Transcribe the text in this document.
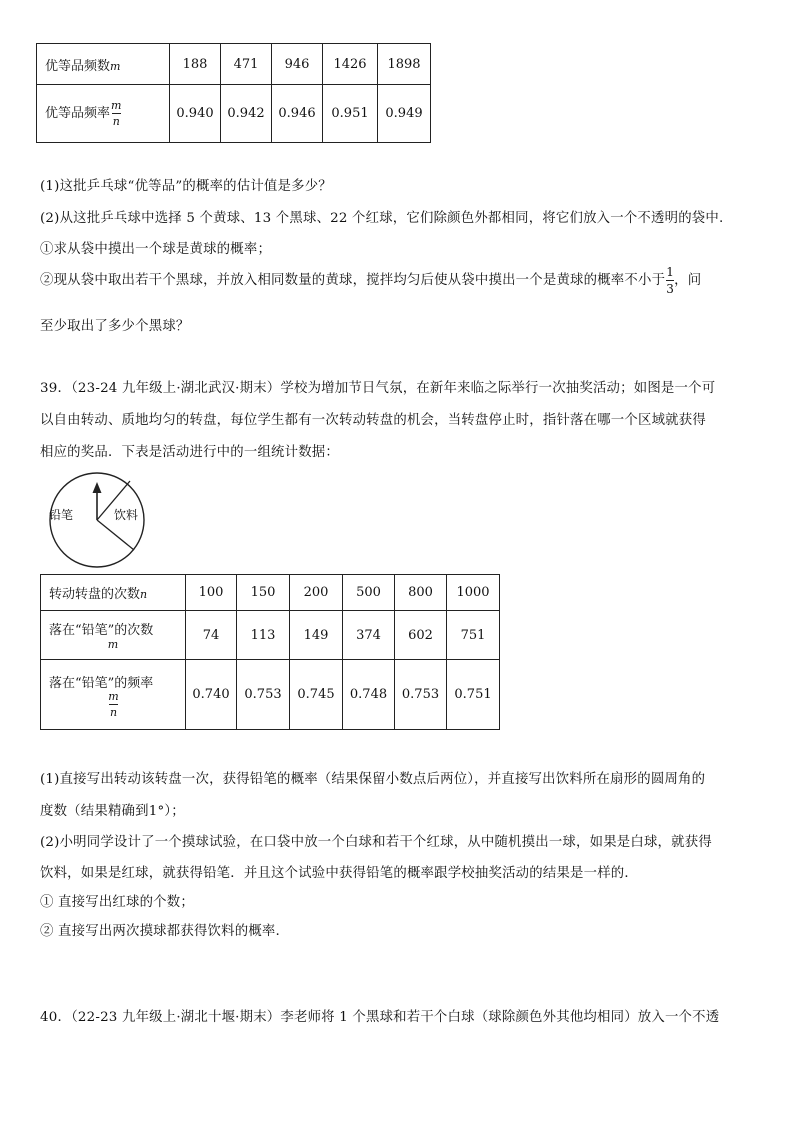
优等品频数m	188	471	946	1426	1898
优等品频率 $\frac{m}{n}$	0.940	0.942	0.946	0.951	0.949
(1)这批乒乓球“优等品”的概率的估计值是多少？
(2)从这批乒乓球中选择 5 个黄球、13 个黑球、22 个红球，它们除颜色外都相同，将它们放入一个不透明的袋中.
①求从袋中摸出一个球是黄球的概率；
②现从袋中取出若干个黑球，并放入相同数量的黄球，搅拌均匀后使从袋中摸出一个是黄球的概率不小于 $\frac{1}{3}$ ，问
至少取出了多少个黑球？
39．（23-24 九年级上·湖北武汉·期末）学校为增加节日气氛，在新年来临之际举行一次抽奖活动；如图是一个可
以自由转动、质地均匀的转盘，每位学生都有一次转动转盘的机会，当转盘停止时，指针落在哪一个区域就获得
相应的奖品．下表是活动进行中的一组统计数据：
铅笔	饮料
转动转盘的次数n	100	150	200	500	800	1000

落在“铅笔”的次数
m	74	113	149	374	602	751

落在“铅笔”的频率
$\frac{m}{n}$	0.740	0.753	0.745	0.748	0.753	0.751
(1)直接写出转动该转盘一次，获得铅笔的概率（结果保留小数点后两位），并直接写出饮料所在扇形的圆周角的
度数（结果精确到1°）；
(2)小明同学设计了一个摸球试验，在口袋中放一个白球和若干个红球，从中随机摸出一球，如果是白球，就获得
饮料，如果是红球，就获得铅笔．并且这个试验中获得铅笔的概率跟学校抽奖活动的结果是一样的．
① 直接写出红球的个数；
② 直接写出两次摸球都获得饮料的概率.
40．（22-23 九年级上·湖北十堰·期末）李老师将 1 个黑球和若干个白球（球除颜色外其他均相同）放入一个不透
